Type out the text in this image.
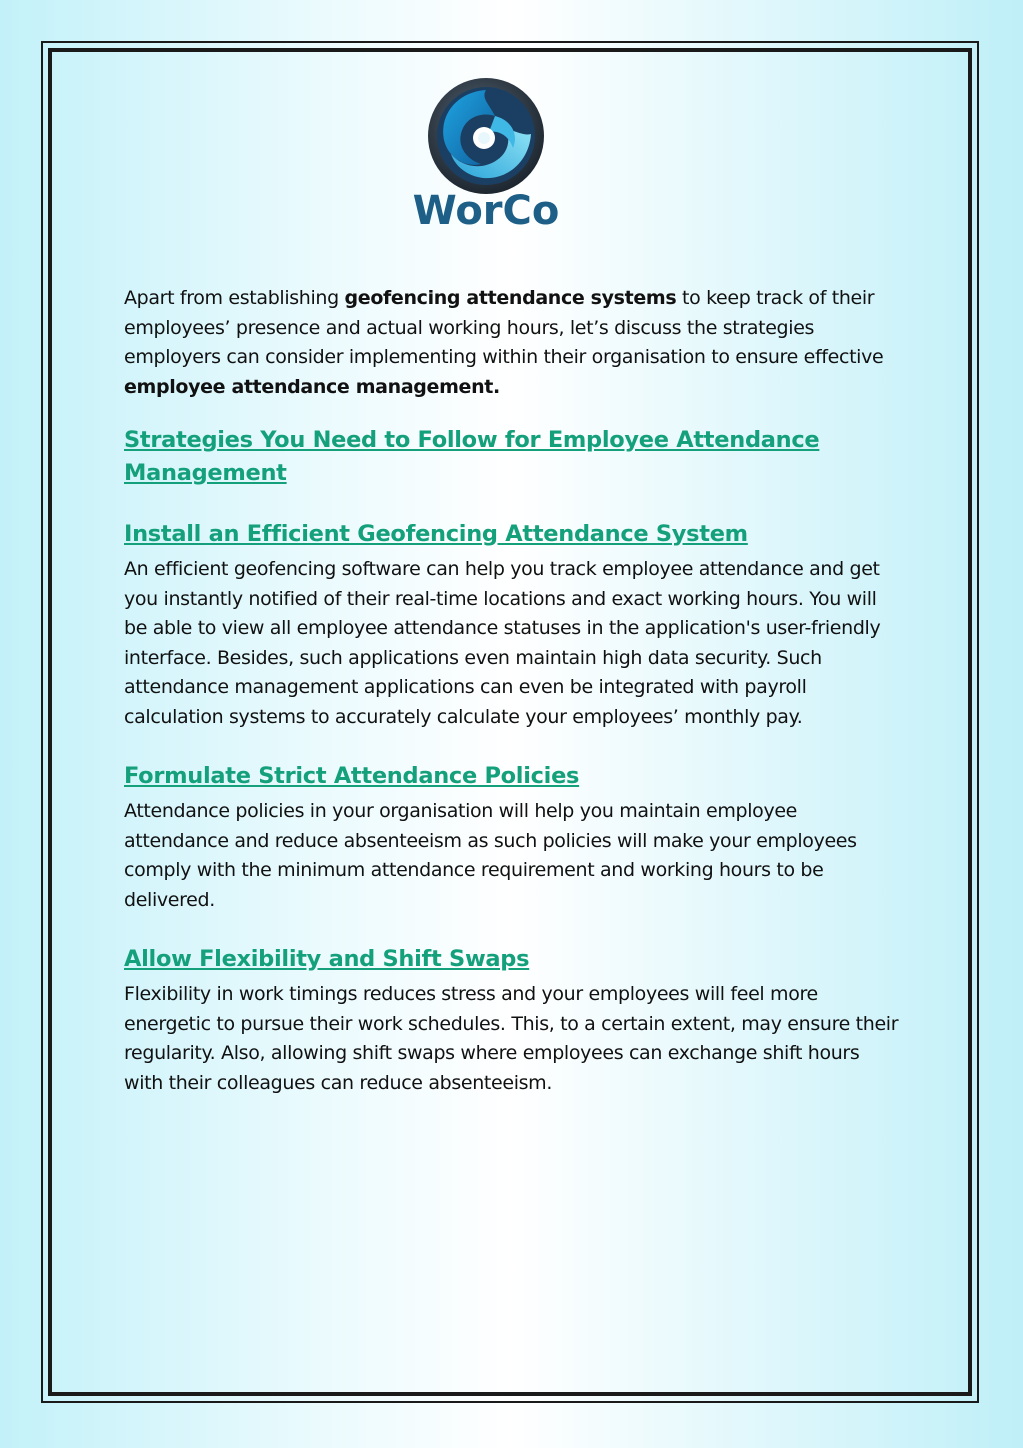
WorCo

Apart from establishing geofencing attendance systems to keep track of their employees’ presence and actual working hours, let’s discuss the strategies employers can consider implementing within their organisation to ensure effective employee attendance management.

Strategies You Need to Follow for Employee Attendance Management
Install an Efficient Geofencing Attendance System

An efficient geofencing software can help you track employee attendance and get you instantly notified of their real-time locations and exact working hours. You will be able to view all employee attendance statuses in the application's user-friendly interface. Besides, such applications even maintain high data security. Such attendance management applications can even be integrated with payroll calculation systems to accurately calculate your employees’ monthly pay.

Formulate Strict Attendance Policies

Attendance policies in your organisation will help you maintain employee attendance and reduce absenteeism as such policies will make your employees comply with the minimum attendance requirement and working hours to be delivered.

Allow Flexibility and Shift Swaps

Flexibility in work timings reduces stress and your employees will feel more energetic to pursue their work schedules. This, to a certain extent, may ensure their regularity. Also, allowing shift swaps where employees can exchange shift hours with their colleagues can reduce absenteeism.
